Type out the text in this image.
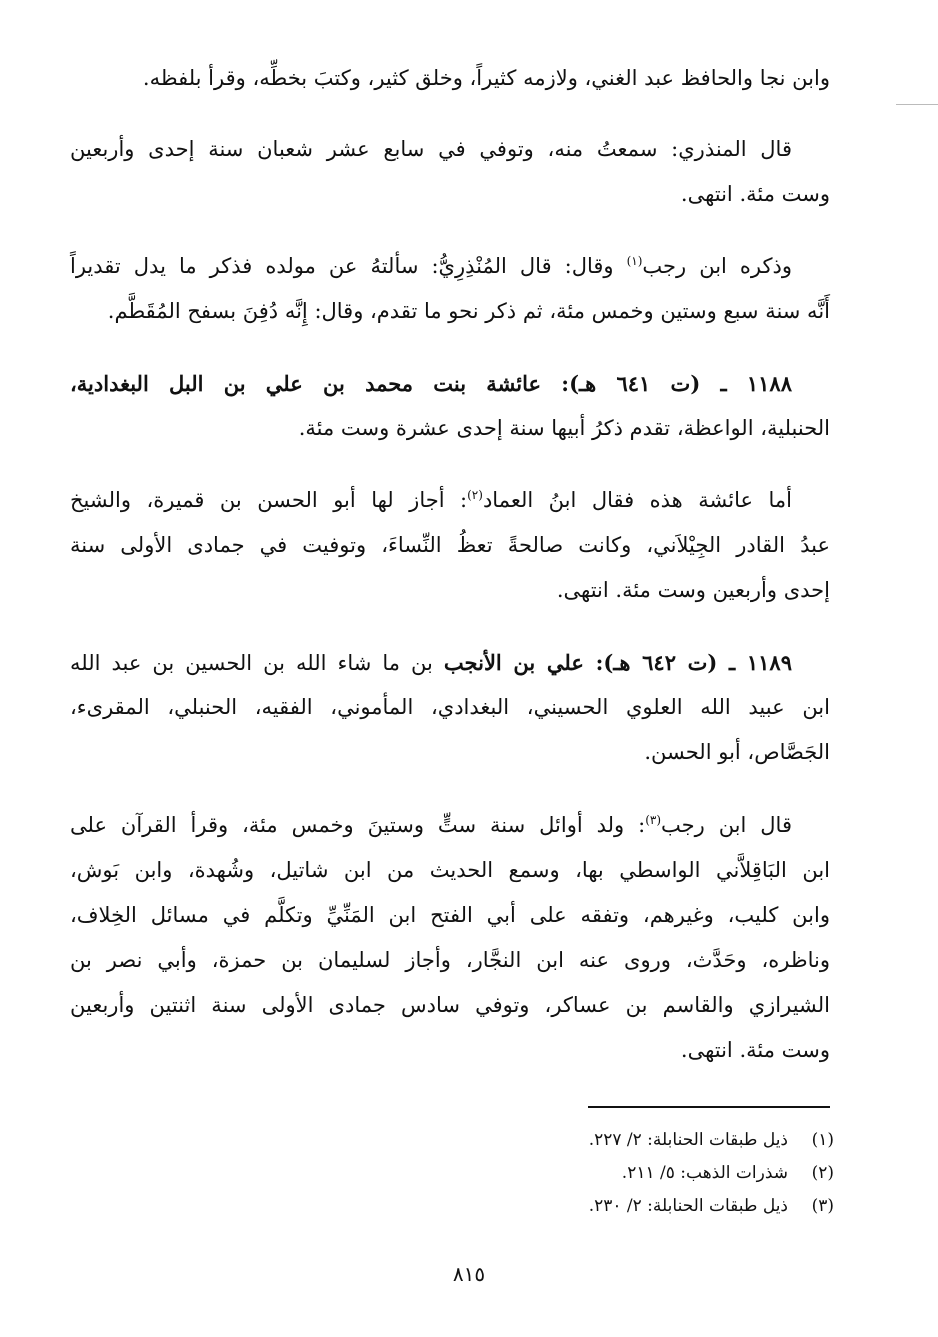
وابن نجا والحافظ عبد الغني، ولازمه كثيراً، وخلق كثير، وكتبَ بخطِّه، وقرأ بلفظه.

قال المنذري: سمعتُ منه، وتوفي في سابع عشر شعبان سنة إحدى وأربعين
وست مئة. انتهى.

وذكره ابن رجب$^{(١)}$ وقال: قال المُنْذِرِيُّ: سألتهُ عن مولده فذكر ما يدل تقديراً
أَنَّه سنة سبع وستين وخمس مئة، ثم ذكر نحو ما تقدم، وقال: إِنَّه دُفِنَ بسفح المُقَطَّم.

١١٨٨ ـ (ت ٦٤١ هـ): عائشة بنت محمد بن علي بن البل البغدادية،
الحنبلية، الواعظة، تقدم ذكرُ أبيها سنة إحدى عشرة وست مئة.

أما عائشة هذه فقال ابنُ العماد$^{(٢)}$: أجاز لها أبو الحسن بن قميرة، والشيخ
عبدُ القادر الجِيْلاَني، وكانت صالحةً تعظُ النِّساءَ، وتوفيت في جمادى الأولى سنة
إحدى وأربعين وست مئة. انتهى.

١١٨٩ ـ (ت ٦٤٢ هـ): علي بن الأنجب بن ما شاء الله بن الحسين بن عبد الله
ابن عبيد الله العلوي الحسيني، البغدادي، المأموني، الفقيه، الحنبلي، المقرىء،
الجَصَّاص، أبو الحسن.

قال ابن رجب$^{(٣)}$: ولد أوائل سنة ستٍّ وستينَ وخمس مئة، وقرأ القرآن على
ابن البَاقِلاَّني الواسطي بها، وسمع الحديث من ابن شاتيل، وشُهدة، وابن بَوش،
وابن كليب، وغيرهم، وتفقه على أبي الفتح ابن المَنِّيِّ وتكلَّم في مسائل الخِلاف،
وناظره، وحَدَّث، وروى عنه ابن النجَّار، وأجاز لسليمان بن حمزة، وأبي نصر بن
الشيرازي والقاسم بن عساكر، وتوفي سادس جمادى الأولى سنة اثنتين وأربعين
وست مئة. انتهى.

(١)
ذيل طبقات الحنابلة: ٢/ ٢٢٧.
(٢)
شذرات الذهب: ٥/ ٢١١.
(٣)
ذيل طبقات الحنابلة: ٢/ ٢٣٠.
٨١٥
